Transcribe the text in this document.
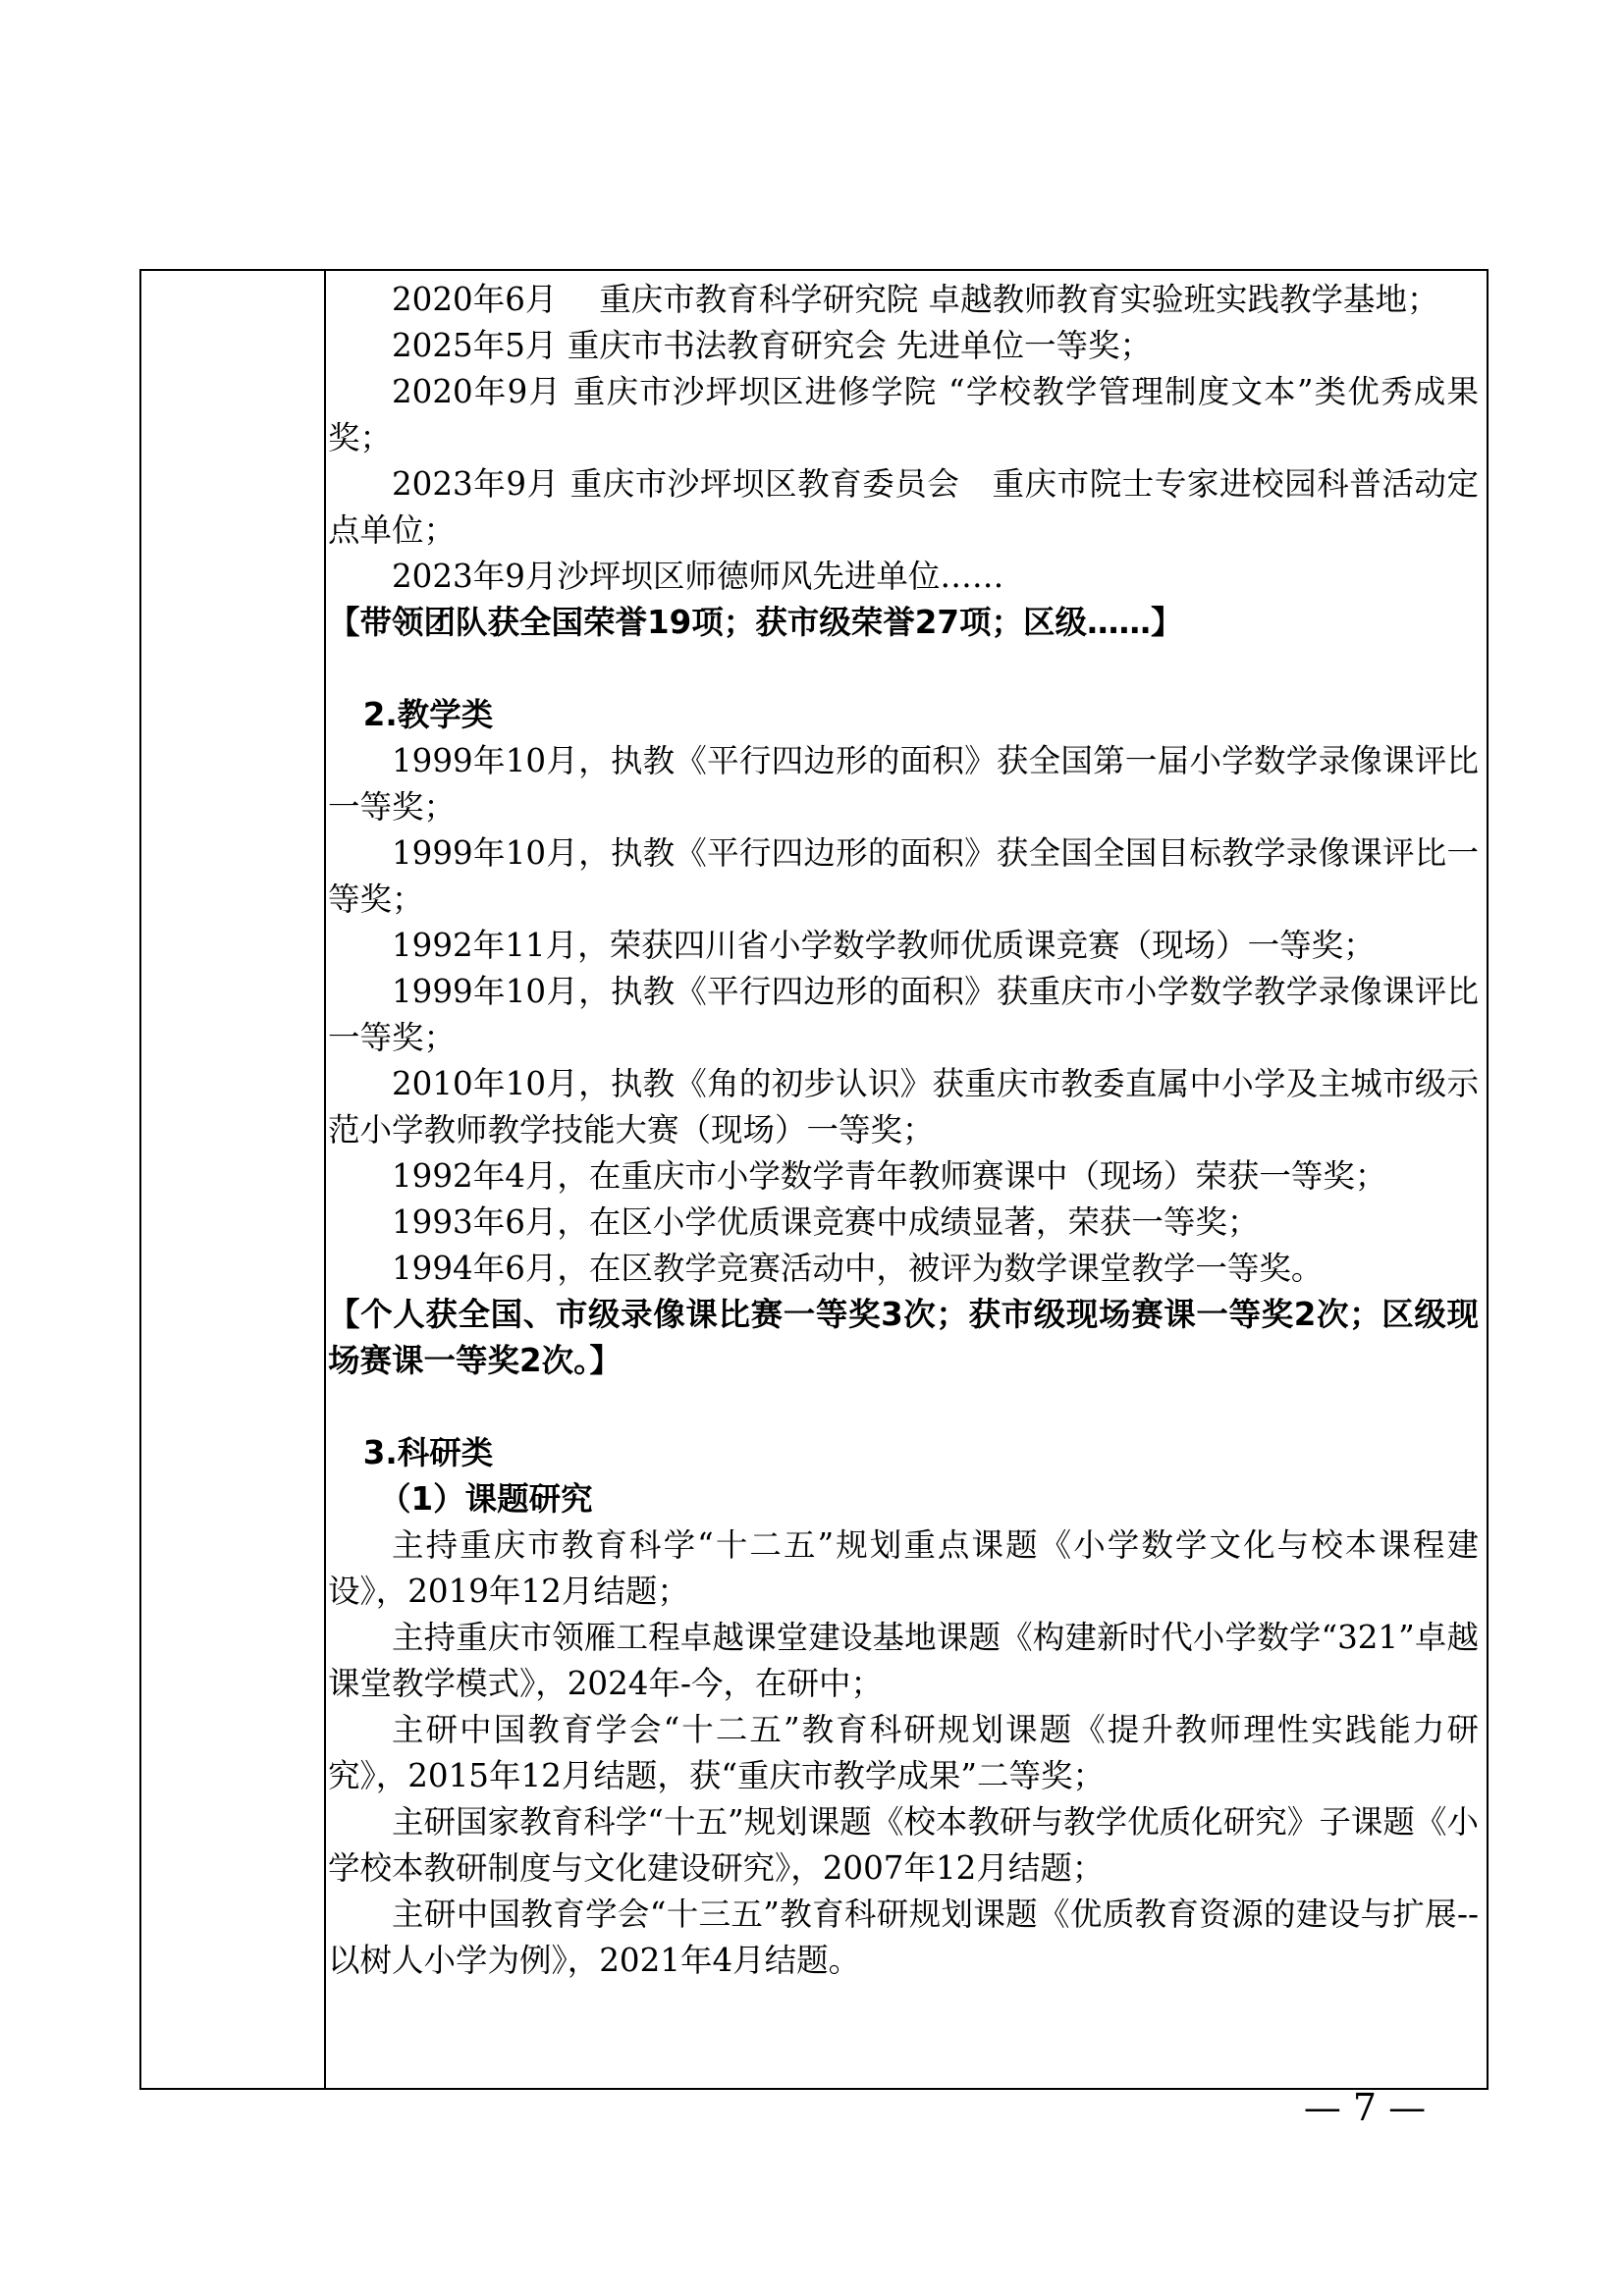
2020年6月　 重庆市教育科学研究院 卓越教师教育实验班实践教学基地；

2025年5月 重庆市书法教育研究会 先进单位一等奖；

2020年9月 重庆市沙坪坝区进修学院 “学校教学管理制度文本”类优秀成果奖；

2023年9月 重庆市沙坪坝区教育委员会　重庆市院士专家进校园科普活动定点单位；

2023年9月沙坪坝区师德师风先进单位……

【带领团队获全国荣誉19项；获市级荣誉27项；区级……】

2.教学类

1999年10月，执教《平行四边形的面积》获全国第一届小学数学录像课评比一等奖；

1999年10月，执教《平行四边形的面积》获全国全国目标教学录像课评比一等奖；

1992年11月，荣获四川省小学数学教师优质课竞赛（现场）一等奖；

1999年10月，执教《平行四边形的面积》获重庆市小学数学教学录像课评比一等奖；

2010年10月，执教《角的初步认识》获重庆市教委直属中小学及主城市级示范小学教师教学技能大赛（现场）一等奖；

1992年4月，在重庆市小学数学青年教师赛课中（现场）荣获一等奖；

1993年6月，在区小学优质课竞赛中成绩显著，荣获一等奖；

1994年6月，在区教学竞赛活动中，被评为数学课堂教学一等奖。

【个人获全国、市级录像课比赛一等奖3次；获市级现场赛课一等奖2次；区级现场赛课一等奖2次。】

3.科研类

（1）课题研究

主持重庆市教育科学“十二五”规划重点课题《小学数学文化与校本课程建设》，2019年12月结题；

主持重庆市领雁工程卓越课堂建设基地课题《构建新时代小学数学“321”卓越课堂教学模式》，2024年-今，在研中；

主研中国教育学会“十二五”教育科研规划课题《提升教师理性实践能力研究》，2015年12月结题，获“重庆市教学成果”二等奖；

主研国家教育科学“十五”规划课题《校本教研与教学优质化研究》子课题《小学校本教研制度与文化建设研究》，2007年12月结题；

主研中国教育学会“十三五”教育科研规划课题《优质教育资源的建设与扩展--以树人小学为例》，2021年4月结题。

— 7 —
